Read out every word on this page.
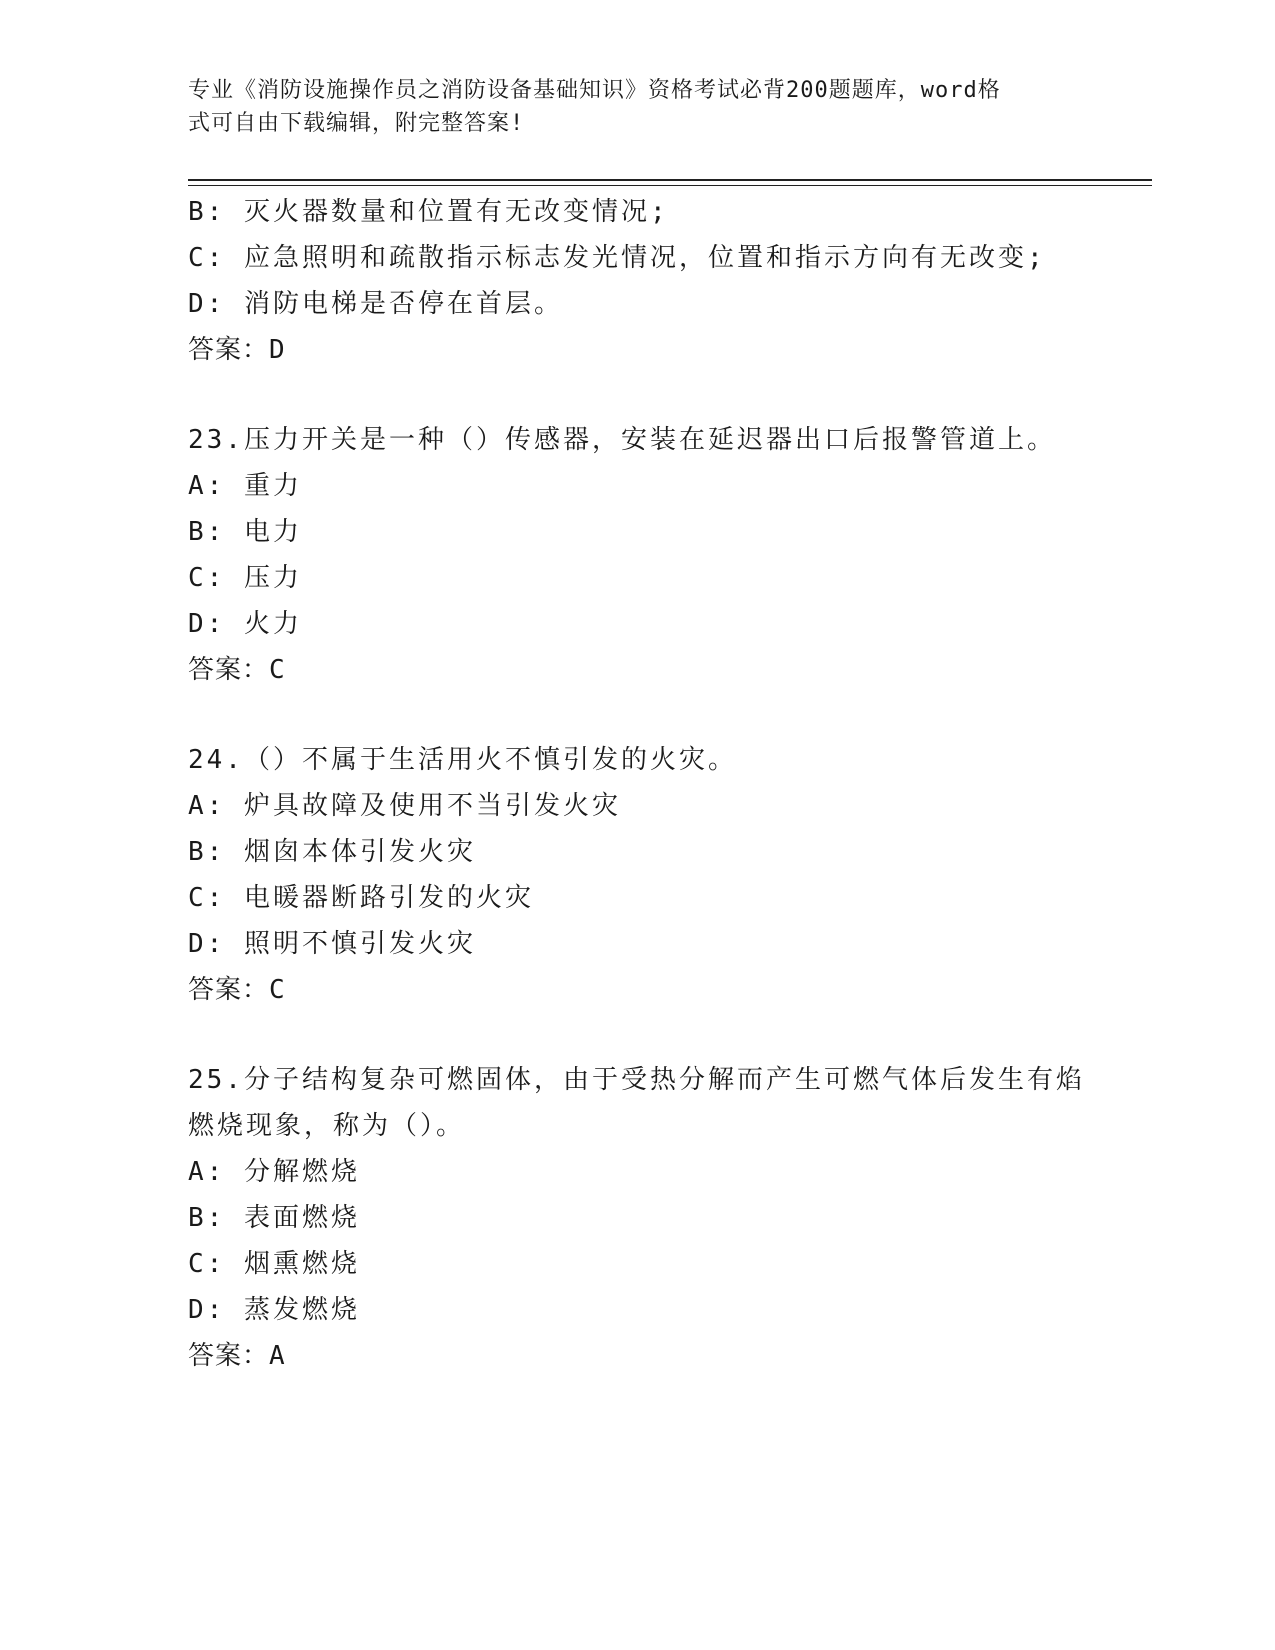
专业《消防设施操作员之消防设备基础知识》资格考试必背200题题库，word格
式可自由下载编辑，附完整答案!
B: 灭火器数量和位置有无改变情况;
C: 应急照明和疏散指示标志发光情况，位置和指示方向有无改变;
D: 消防电梯是否停在首层。
答案：D
23.压力开关是一种（）传感器，安装在延迟器出口后报警管道上。
A: 重力
B: 电力
C: 压力
D: 火力
答案：C
24.（）不属于生活用火不慎引发的火灾。
A: 炉具故障及使用不当引发火灾
B: 烟囱本体引发火灾
C: 电暖器断路引发的火灾
D: 照明不慎引发火灾
答案：C
25.分子结构复杂可燃固体，由于受热分解而产生可燃气体后发生有焰
燃烧现象，称为（）。
A: 分解燃烧
B: 表面燃烧
C: 烟熏燃烧
D: 蒸发燃烧
答案：A
